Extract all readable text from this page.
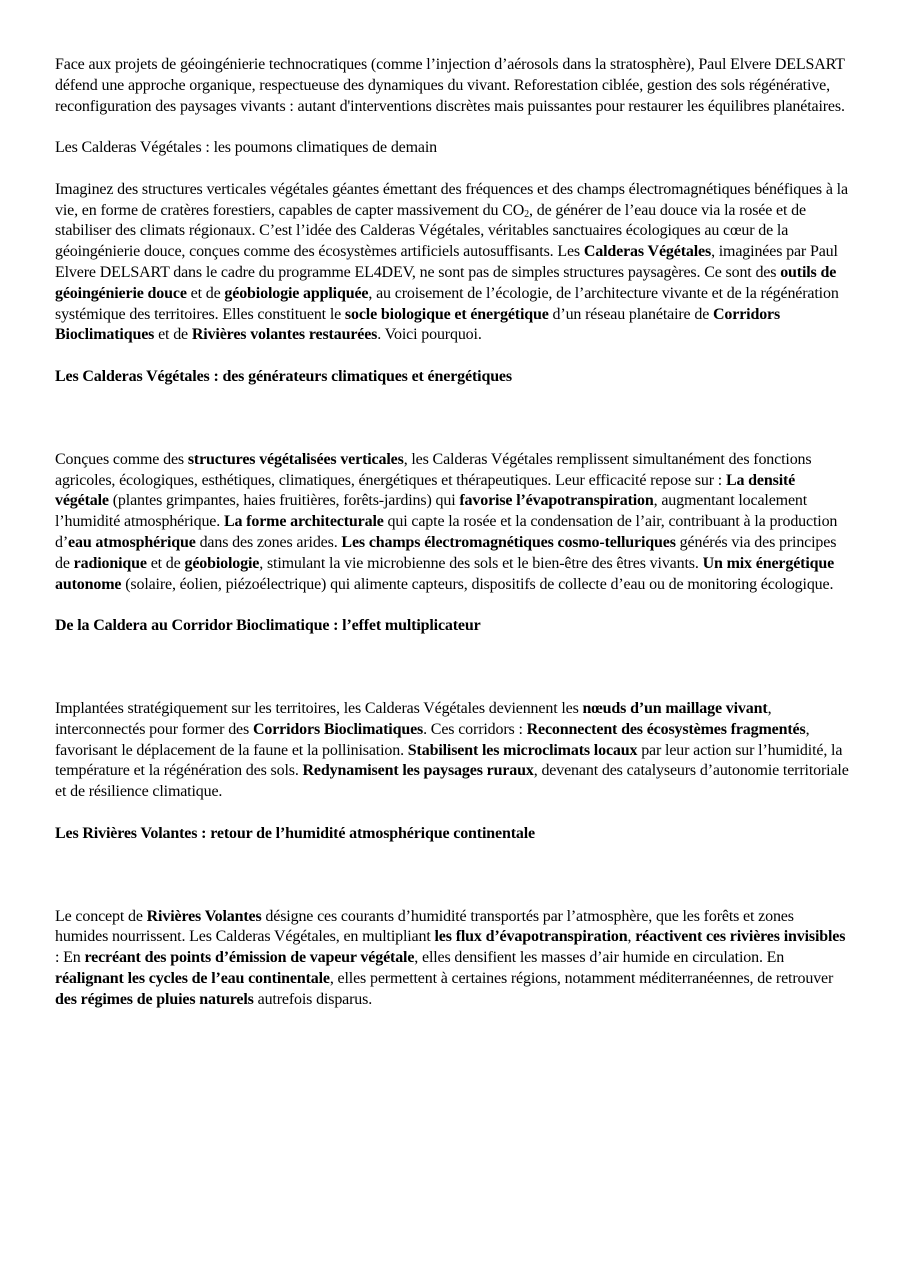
Face aux projets de géoingénierie technocratiques (comme l’injection d’aérosols dans la stratosphère), Paul Elvere DELSART défend une approche organique, respectueuse des dynamiques du vivant. Reforestation ciblée, gestion des sols régénérative, reconfiguration des paysages vivants : autant d'interventions discrètes mais puissantes pour restaurer les équilibres planétaires.

Les Calderas Végétales : les poumons climatiques de demain

Imaginez des structures verticales végétales géantes émettant des fréquences et des champs électromagnétiques bénéfiques à la vie, en forme de cratères forestiers, capables de capter massivement du $CO_2$, de générer de l’eau douce via la rosée et de stabiliser des climats régionaux. C’est l’idée des Calderas Végétales, véritables sanctuaires écologiques au cœur de la géoingénierie douce, conçues comme des écosystèmes artificiels autosuffisants. Les Calderas Végétales, imaginées par Paul Elvere DELSART dans le cadre du programme EL4DEV, ne sont pas de simples structures paysagères. Ce sont des outils de géoingénierie douce et de géobiologie appliquée, au croisement de l’écologie, de l’architecture vivante et de la régénération systémique des territoires. Elles constituent le socle biologique et énergétique d’un réseau planétaire de Corridors Bioclimatiques et de Rivières volantes restaurées. Voici pourquoi.

Les Calderas Végétales : des générateurs climatiques et énergétiques

Conçues comme des structures végétalisées verticales, les Calderas Végétales remplissent simultanément des fonctions agricoles, écologiques, esthétiques, climatiques, énergétiques et thérapeutiques. Leur efficacité repose sur : La densité végétale (plantes grimpantes, haies fruitières, forêts-jardins) qui favorise l’évapotranspiration, augmentant localement l’humidité atmosphérique. La forme architecturale qui capte la rosée et la condensation de l’air, contribuant à la production d’eau atmosphérique dans des zones arides. Les champs électromagnétiques cosmo-telluriques générés via des principes de radionique et de géobiologie, stimulant la vie microbienne des sols et le bien-être des êtres vivants. Un mix énergétique autonome (solaire, éolien, piézoélectrique) qui alimente capteurs, dispositifs de collecte d’eau ou de monitoring écologique.

De la Caldera au Corridor Bioclimatique : l’effet multiplicateur

Implantées stratégiquement sur les territoires, les Calderas Végétales deviennent les nœuds d’un maillage vivant, interconnectés pour former des Corridors Bioclimatiques. Ces corridors : Reconnectent des écosystèmes fragmentés, favorisant le déplacement de la faune et la pollinisation. Stabilisent les microclimats locaux par leur action sur l’humidité, la température et la régénération des sols. Redynamisent les paysages ruraux, devenant des catalyseurs d’autonomie territoriale et de résilience climatique.

Les Rivières Volantes : retour de l’humidité atmosphérique continentale

Le concept de Rivières Volantes désigne ces courants d’humidité transportés par l’atmosphère, que les forêts et zones humides nourrissent. Les Calderas Végétales, en multipliant les flux d’évapotranspiration, réactivent ces rivières invisibles : En recréant des points d’émission de vapeur végétale, elles densifient les masses d’air humide en circulation. En réalignant les cycles de l’eau continentale, elles permettent à certaines régions, notamment méditerranéennes, de retrouver des régimes de pluies naturels autrefois disparus.
